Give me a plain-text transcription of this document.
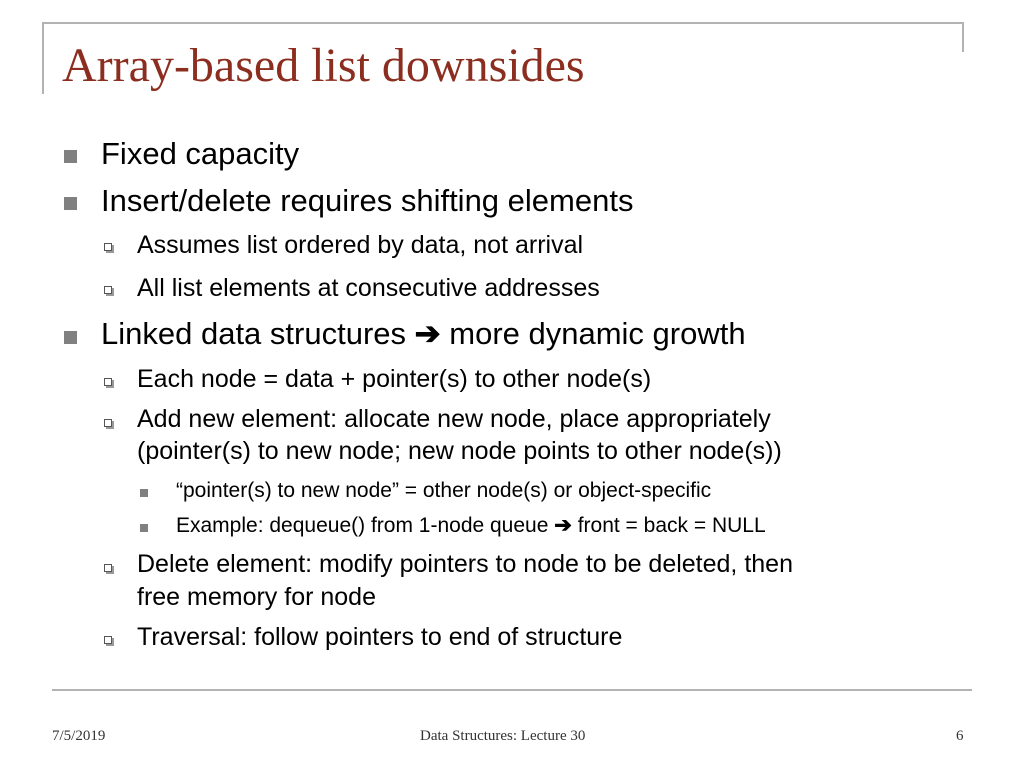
Array-based list downsides
Fixed capacity
Insert/delete requires shifting elements
Assumes list ordered by data, not arrival
All list elements at consecutive addresses
Linked data structures ➔ more dynamic growth
Each node = data + pointer(s) to other node(s)
Add new element: allocate new node, place appropriately
(pointer(s) to new node; new node points to other node(s))
“pointer(s) to new node” = other node(s) or object-specific
Example: dequeue() from 1-node queue ➔ front = back = NULL
Delete element: modify pointers to node to be deleted, then
free memory for node
Traversal: follow pointers to end of structure
7/5/2019	Data Structures: Lecture 30	6
